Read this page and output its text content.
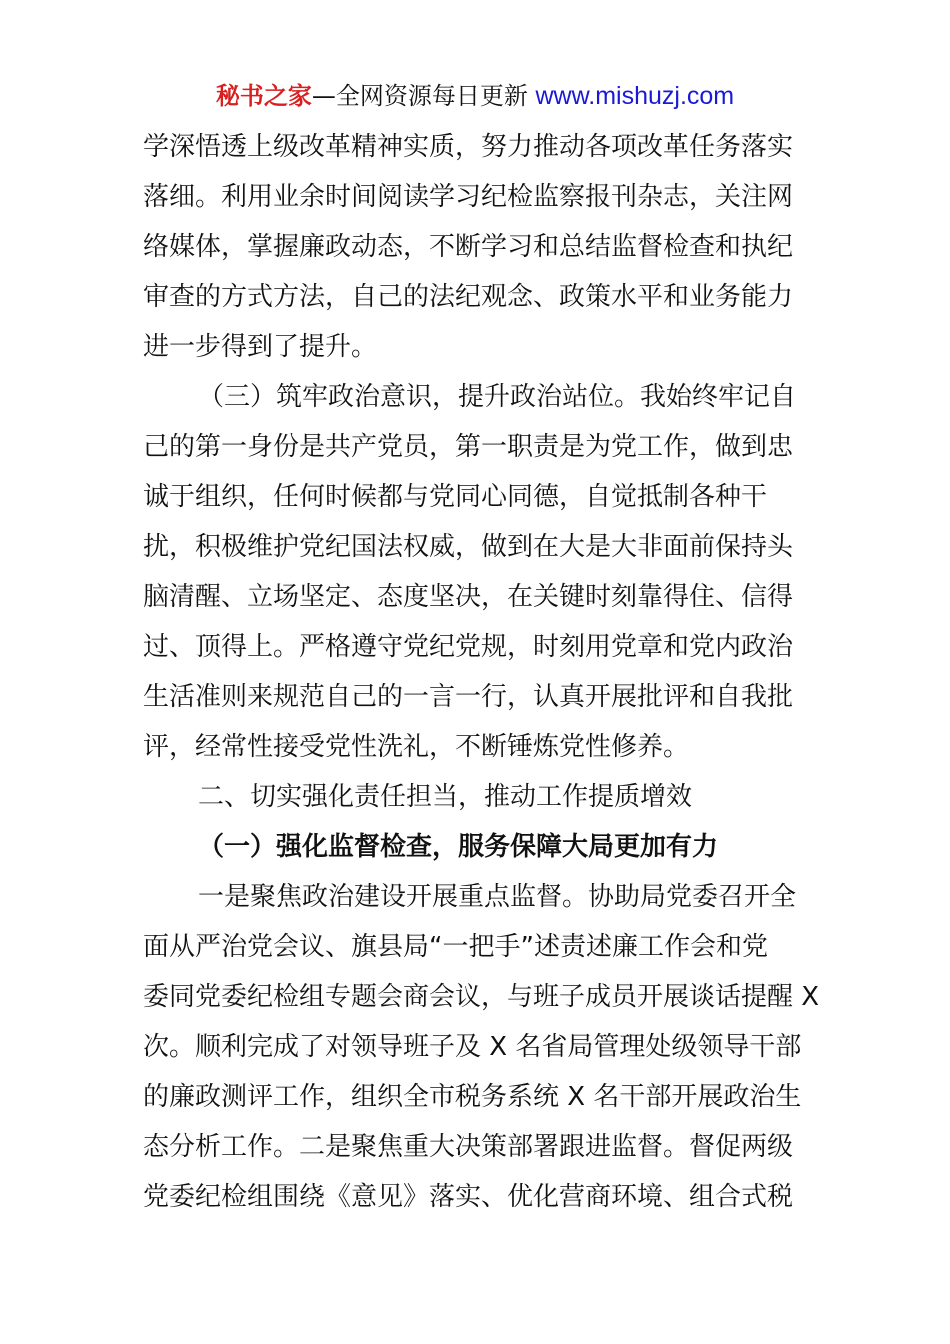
秘书之家—全网资源每日更新 www.mishuzj.com
学深悟透上级改革精神实质，努力推动各项改革任务落实
落细。利用业余时间阅读学习纪检监察报刊杂志，关注网
络媒体，掌握廉政动态，不断学习和总结监督检查和执纪
审查的方式方法，自己的法纪观念、政策水平和业务能力
进一步得到了提升。
（三）筑牢政治意识，提升政治站位。我始终牢记自
己的第一身份是共产党员，第一职责是为党工作，做到忠
诚于组织，任何时候都与党同心同德，自觉抵制各种干
扰，积极维护党纪国法权威，做到在大是大非面前保持头
脑清醒、立场坚定、态度坚决，在关键时刻靠得住、信得
过、顶得上。严格遵守党纪党规，时刻用党章和党内政治
生活准则来规范自己的一言一行，认真开展批评和自我批
评，经常性接受党性洗礼，不断锤炼党性修养。
二、切实强化责任担当，推动工作提质增效
（一）强化监督检查，服务保障大局更加有力
一是聚焦政治建设开展重点监督。协助局党委召开全
面从严治党会议、旗县局“一把手”述责述廉工作会和党
委同党委纪检组专题会商会议，与班子成员开展谈话提醒 X
次。顺利完成了对领导班子及 X 名省局管理处级领导干部
的廉政测评工作，组织全市税务系统 X 名干部开展政治生
态分析工作。二是聚焦重大决策部署跟进监督。督促两级
党委纪检组围绕《意见》落实、优化营商环境、组合式税
